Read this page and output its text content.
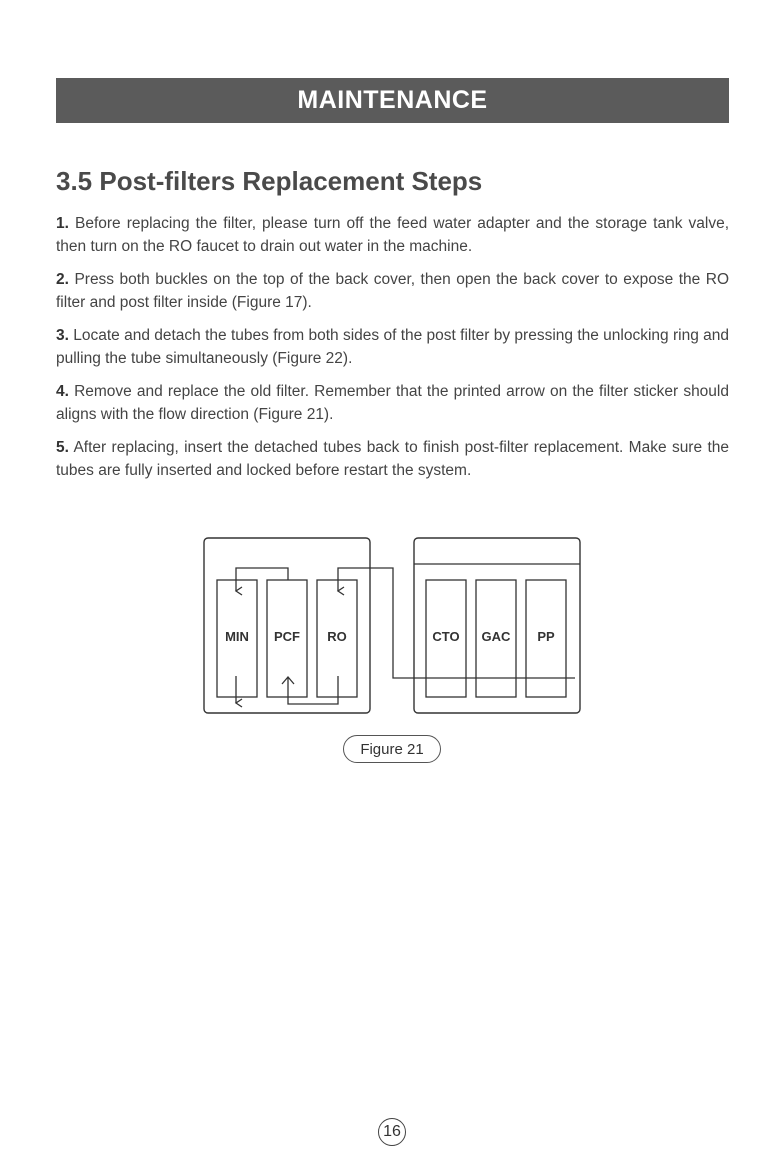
MAINTENANCE
3.5 Post-filters Replacement Steps

1. Before replacing the filter, please turn off the feed water adapter and the storage tank valve, then turn on the RO faucet to drain out water in the machine.

2. Press both buckles on the top of the back cover, then open the back cover to expose the RO filter and post filter inside (Figure 17).

3. Locate and detach the tubes from both sides of the post filter by pressing the unlocking ring and pulling the tube simultaneously (Figure 22).

4. Remove and replace the old filter. Remember that the printed arrow on the filter sticker should aligns with the flow direction (Figure 21).

5. After replacing, insert the detached tubes back to finish post-filter replacement. Make sure the tubes are fully inserted and locked before restart the system.

MIN PCF RO	CTO GAC PP
Figure 21
16
